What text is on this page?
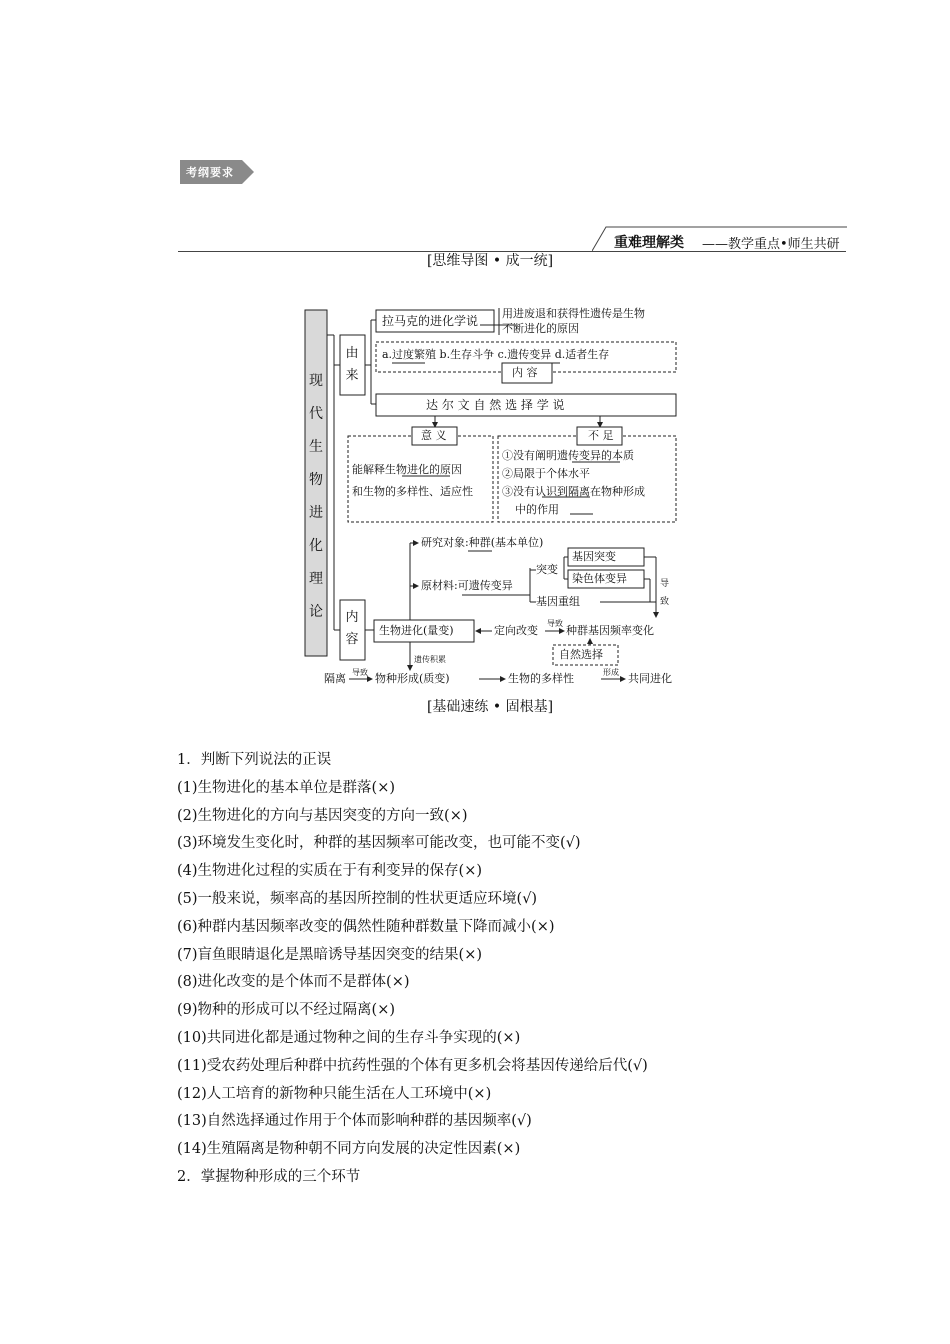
考纲要求
重难理解类 ——教学重点•师生共研
[思维导图 • 成一统]
现代生物进化理论
由来
内容
拉马克的进化学说
用进废退和获得性遗传是生物
不断进化的原因
a.过度繁殖 b.生存斗争 c.遗传变异 d.适者生存
内 容
达 尔 文 自 然 选 择 学 说
意 义	不 足
能解释生物进化的原因
和生物的多样性、适应性
①没有阐明遗传变异的本质
②局限于个体水平
③没有认识到隔离在物种形成
中的作用
研究对象:种群(基本单位)
原材料:可遗传变异
突变
基因突变
染色体变异
基因重组
导
致
生物进化(量变)	定向改变
导致
种群基因频率变化
自然选择
遗传积累
隔离 导致 物种形成(质变)	生物的多样性	形成 共同进化
[基础速练 • 固根基]
1．判断下列说法的正误
(1)生物进化的基本单位是群落(×)
(2)生物进化的方向与基因突变的方向一致(×)
(3)环境发生变化时，种群的基因频率可能改变，也可能不变(√)
(4)生物进化过程的实质在于有利变异的保存(×)
(5)一般来说，频率高的基因所控制的性状更适应环境(√)
(6)种群内基因频率改变的偶然性随种群数量下降而减小(×)
(7)盲鱼眼睛退化是黑暗诱导基因突变的结果(×)
(8)进化改变的是个体而不是群体(×)
(9)物种的形成可以不经过隔离(×)
(10)共同进化都是通过物种之间的生存斗争实现的(×)
(11)受农药处理后种群中抗药性强的个体有更多机会将基因传递给后代(√)
(12)人工培育的新物种只能生活在人工环境中(×)
(13)自然选择通过作用于个体而影响种群的基因频率(√)
(14)生殖隔离是物种朝不同方向发展的决定性因素(×)
2．掌握物种形成的三个环节
